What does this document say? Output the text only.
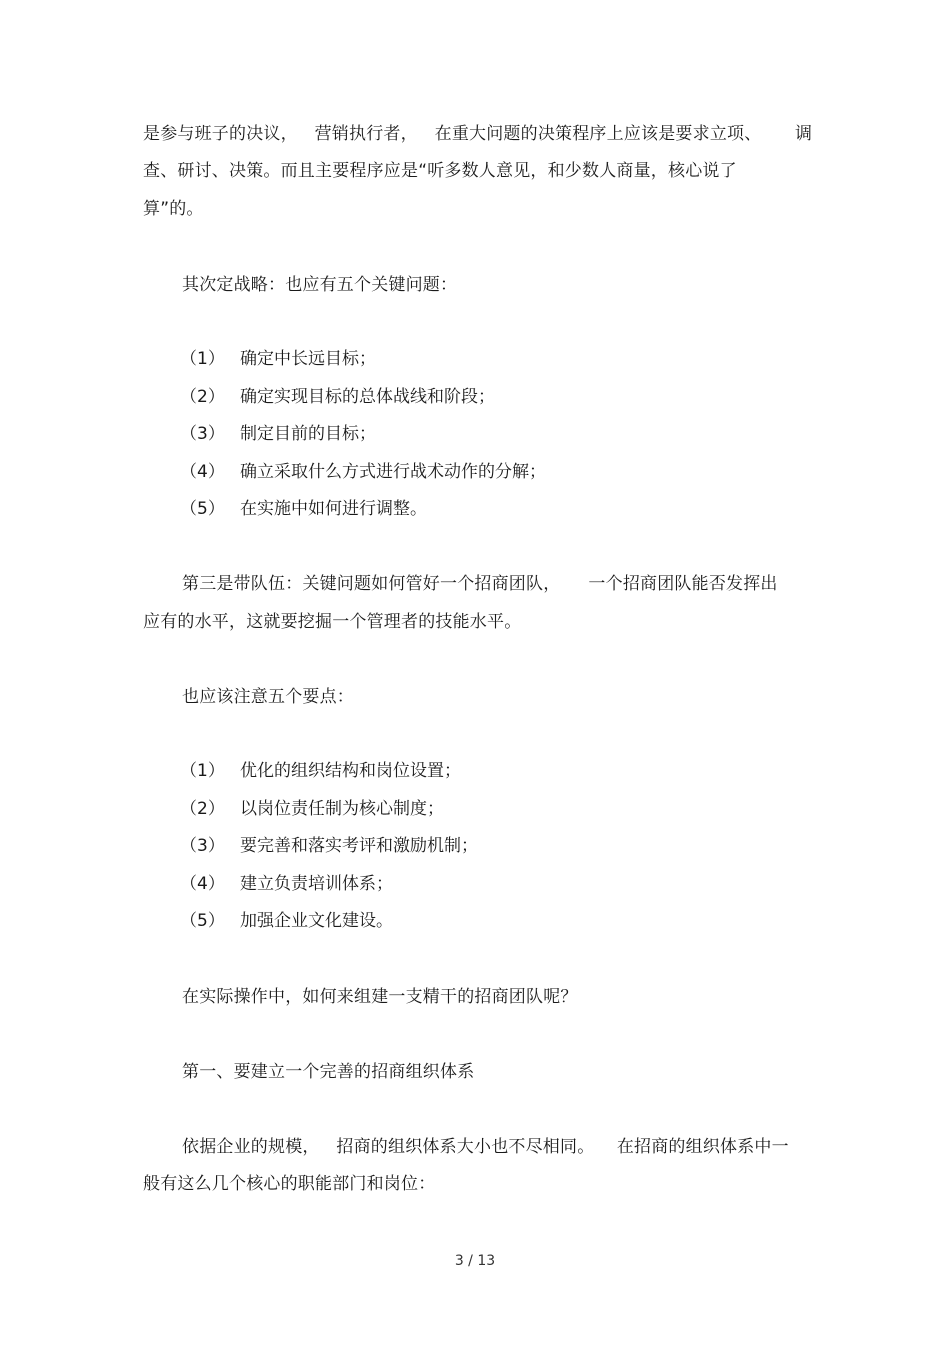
是参与班子的决议，   营销执行者，   在重大问题的决策程序上应该是要求立项、      调
查、研讨、决策。而且主要程序应是“听多数人意见，和少数人商量，核心说了
算”的。
其次定战略：也应有五个关键问题：
（1） 确定中长远目标；
（2） 确定实现目标的总体战线和阶段；
（3） 制定目前的目标；
（4） 确立采取什么方式进行战术动作的分解；
（5） 在实施中如何进行调整。
第三是带队伍：关键问题如何管好一个招商团队，     一个招商团队能否发挥出
应有的水平，这就要挖掘一个管理者的技能水平。
也应该注意五个要点：
（1） 优化的组织结构和岗位设置；
（2） 以岗位责任制为核心制度；
（3） 要完善和落实考评和激励机制；
（4） 建立负责培训体系；
（5） 加强企业文化建设。
在实际操作中，如何来组建一支精干的招商团队呢？
第一、要建立一个完善的招商组织体系
依据企业的规模，   招商的组织体系大小也不尽相同。    在招商的组织体系中一
般有这么几个核心的职能部门和岗位：
3 / 13
